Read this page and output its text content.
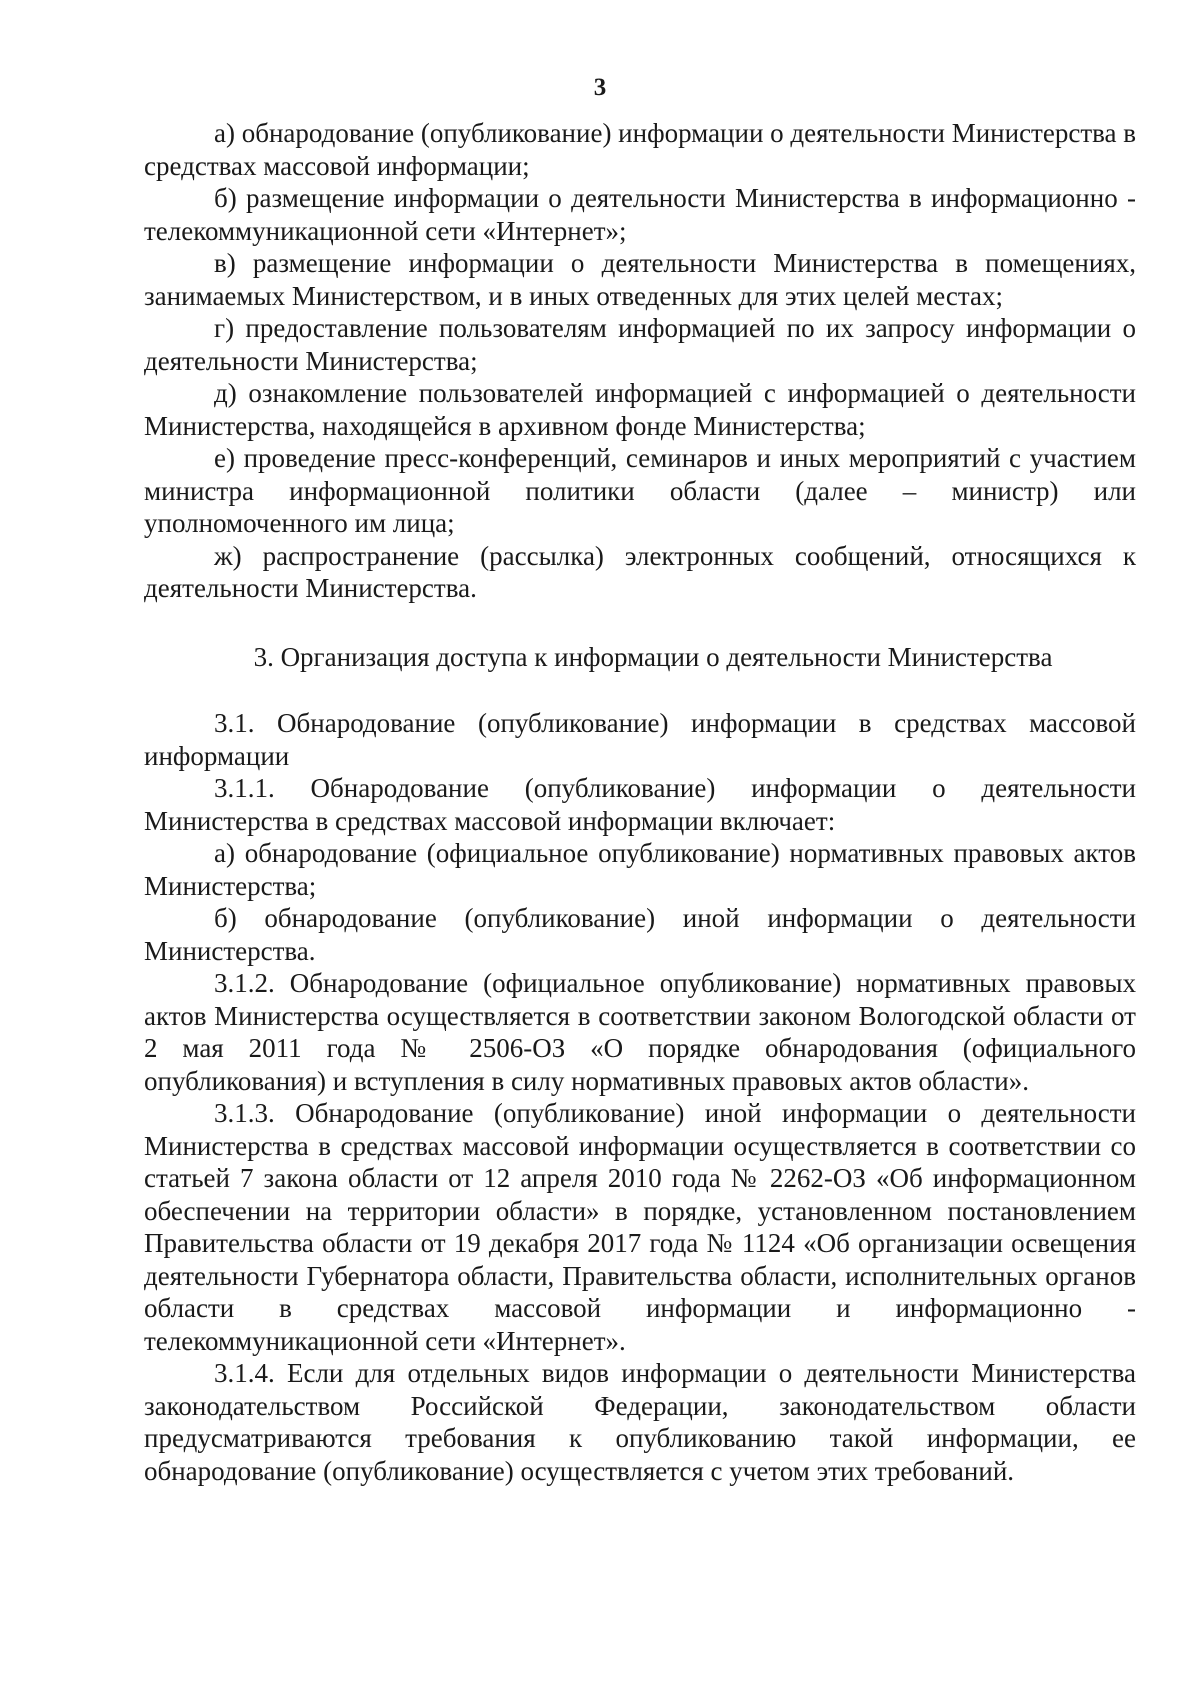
3

а) обнародование (опубликование) информации о деятельности Министерства в средствах массовой информации;

б) размещение информации о деятельности Министерства в информационно - телекоммуникационной сети «Интернет»;

в) размещение информации о деятельности Министерства в помещениях, занимаемых Министерством, и в иных отведенных для этих целей местах;

г) предоставление пользователям информацией по их запросу информации о деятельности Министерства;

д) ознакомление пользователей информацией с информацией о деятельности Министерства, находящейся в архивном фонде Министерства;

е) проведение пресс-конференций, семинаров и иных мероприятий с участием министра информационной политики области (далее – министр) или уполномоченного им лица;

ж) распространение (рассылка) электронных сообщений, относящихся к деятельности Министерства.

3. Организация доступа к информации о деятельности Министерства

3.1. Обнародование (опубликование) информации в средствах массовой информации

3.1.1. Обнародование (опубликование) информации о деятельности Министерства в средствах массовой информации включает:

а) обнародование (официальное опубликование) нормативных правовых актов Министерства;

б) обнародование (опубликование) иной информации о деятельности Министерства.

3.1.2. Обнародование (официальное опубликование) нормативных правовых актов Министерства осуществляется в соответствии законом Вологодской области от 2 мая 2011 года № 2506-ОЗ «О порядке обнародования (официального опубликования) и вступления в силу нормативных правовых актов области».

3.1.3. Обнародование (опубликование) иной информации о деятельности Министерства в средствах массовой информации осуществляется в соответствии со статьей 7 закона области от 12 апреля 2010 года № 2262-ОЗ «Об информационном обеспечении на территории области» в порядке, установленном постановлением Правительства области от 19 декабря 2017 года № 1124 «Об организации освещения деятельности Губернатора области, Правительства области, исполнительных органов области в средствах массовой информации и информационно - телекоммуникационной сети «Интернет».

3.1.4. Если для отдельных видов информации о деятельности Министерства законодательством Российской Федерации, законодательством области предусматриваются требования к опубликованию такой информации, ее обнародование (опубликование) осуществляется с учетом этих требований.
